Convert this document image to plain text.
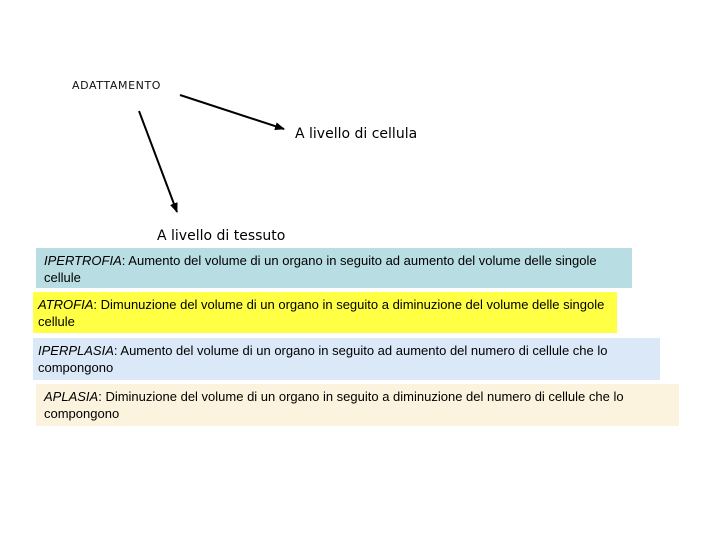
ADATTAMENTO
A livello di cellula
A livello di tessuto
IPERTROFIA: Aumento del volume di un organo in seguito ad aumento del volume delle singole cellule
ATROFIA: Dimunuzione del volume di un organo in seguito a diminuzione del volume delle singole cellule
IPERPLASIA: Aumento del volume di un organo in seguito ad aumento del numero di cellule che lo compongono
APLASIA: Diminuzione del volume di un organo in seguito a diminuzione del numero di cellule che lo compongono
